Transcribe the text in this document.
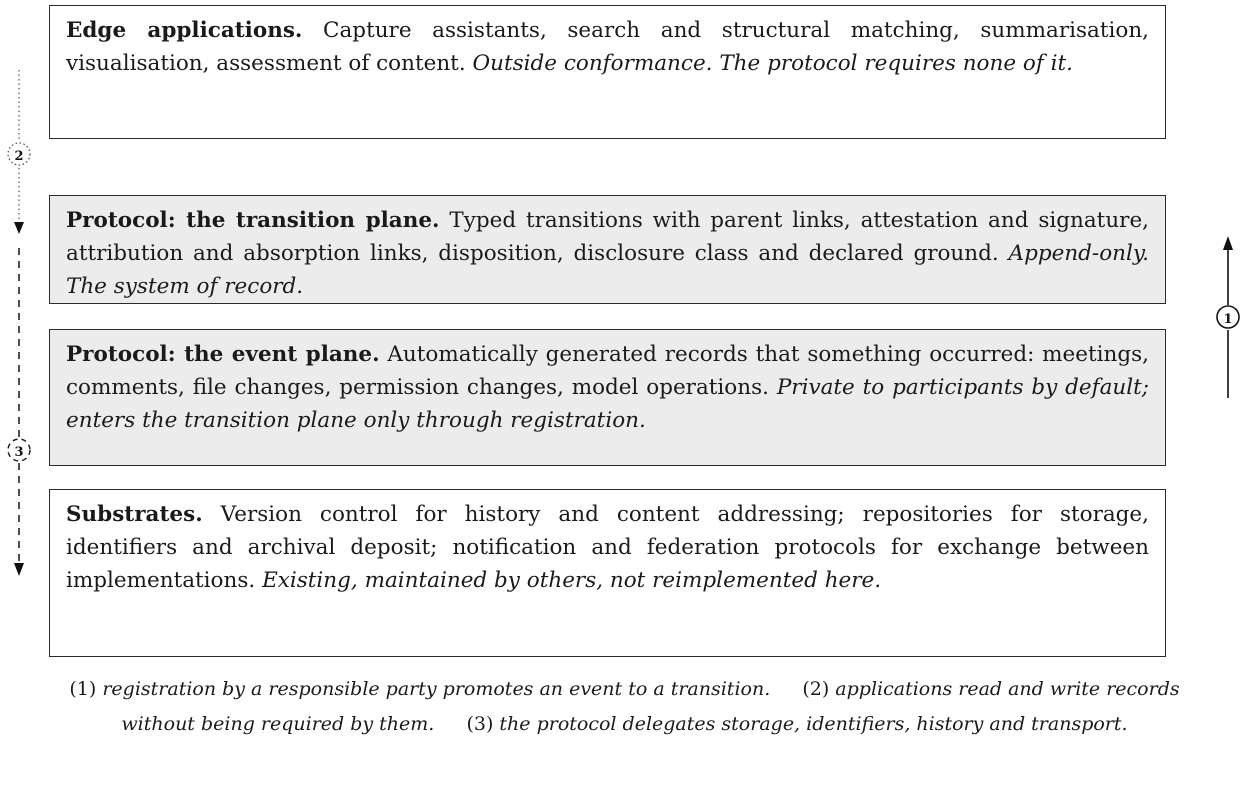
Edge applications. Capture assistants, search and structural matching, summarisation, visualisation, assessment of content. Outside conformance. The protocol requires none of it.
Protocol: the transition plane. Typed transitions with parent links, attestation and signature, attribution and absorption links, disposition, disclosure class and declared ground. Append-only. The system of record.
Protocol: the event plane. Automatically generated records that something occurred: meetings, comments, file changes, permission changes, model operations. Private to participants by default; enters the transition plane only through registration.
Substrates. Version control for history and content addressing; repositories for storage, identifiers and archival deposit; notification and federation protocols for exchange between implementations. Existing, maintained by others, not reimplemented here.
2
3
1
(1) registration by a responsible party promotes an event to a transition. (2) applications read and write records
without being required by them. (3) the protocol delegates storage, identifiers, history and transport.
